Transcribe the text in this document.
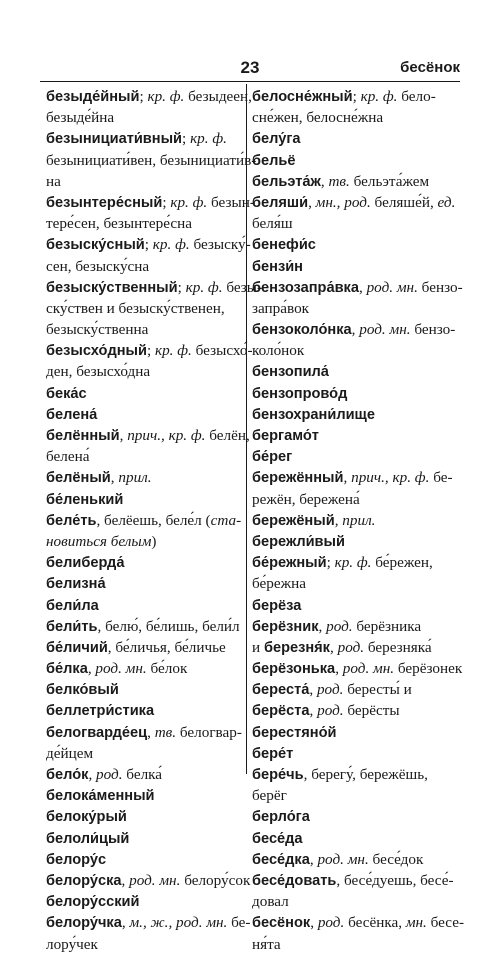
23	бесёнок
безыде́йный; кр. ф. безыдеен,
безыде́йна
безынициати́вный; кр. ф.
безынициати́вен, безынициати́в-
на
безынтере́сный; кр. ф. безын-
тере́сен, безынтере́сна
безыску́сный; кр. ф. безыску́-
сен, безыску́сна
безыску́ственный; кр. ф. безы-
ску́ствен и безыску́ственен,
безыску́ственна
безысхо́дный; кр. ф. безысхо́-
ден, безысхо́дна
бека́с
белена́
белённый, прич., кр. ф. белён,
белена́
белёный, прил.
бе́ленький
беле́ть, белёешь, беле́л (ста-
новиться белым)
белиберда́
белизна́
бели́ла
бели́ть, белю́, бе́лишь, бели́л
бе́личий, бе́личья, бе́личье
бе́лка, род. мн. бе́лок
белко́вый
беллетри́стика
белогварде́ец, тв. белогвар-
де́йцем
бело́к, род. белка́
белока́менный
белоку́рый
белоли́цый
белору́с
белору́ска, род. мн. белору́сок
белору́сский
белору́чка, м., ж., род. мн. бе-
лору́чек
белосне́жный; кр. ф. бело-
сне́жен, белосне́жна
белу́га
бельё
бельэта́ж, тв. бельэта́жем
беляши́, мн., род. беляше́й, ед.
беля́ш
бенефи́с
бензи́н
бензозапра́вка, род. мн. бензо-
запра́вок
бензоколо́нка, род. мн. бензо-
коло́нок
бензопила́
бензопрово́д
бензохрани́лище
бергамо́т
бе́рег
бережённый, прич., кр. ф. бе-
режён, бережена́
бережёный, прил.
бережли́вый
бе́режный; кр. ф. бе́режен,
бе́режна
берёза
берёзник, род. берёзника
и березня́к, род. березняка́
берёзонька, род. мн. берёзонек
береста́, род. бересты́ и
берёста, род. берёсты
берестяно́й
бере́т
бере́чь, берегу́, бережёшь,
берёг
берло́га
бесе́да
бесе́дка, род. мн. бесе́док
бесе́довать, бесе́дуешь, бесе́-
довал
бесёнок, род. бесёнка, мн. бесе-
ня́та
